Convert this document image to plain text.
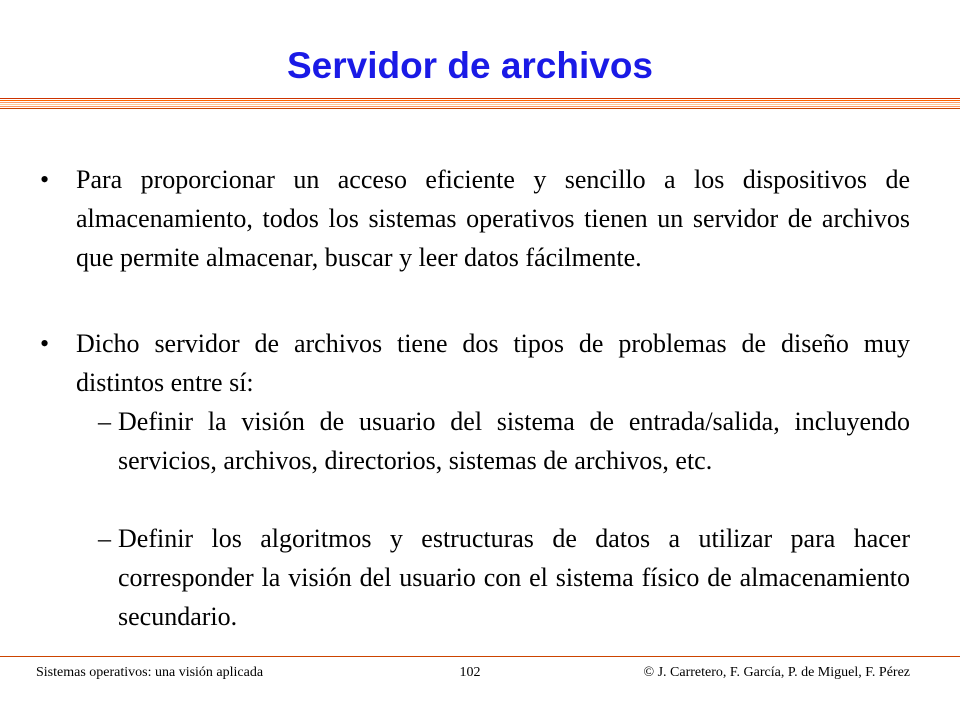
Servidor de archivos
• Para proporcionar un acceso eficiente y sencillo a los dispositivos de almacenamiento, todos los sistemas operativos tienen un servidor de archivos que permite almacenar, buscar y leer datos fácilmente.
• Dicho servidor de archivos tiene dos tipos de problemas de diseño muy distintos entre sí:
– Definir la visión de usuario del sistema de entrada/salida, incluyendo servicios, archivos, directorios, sistemas de archivos, etc.
– Definir los algoritmos y estructuras de datos a utilizar para hacer corresponder la visión del usuario con el sistema físico de almacenamiento secundario.
Sistemas operativos: una visión aplicada	102	© J. Carretero, F. García, P. de Miguel, F. Pérez
